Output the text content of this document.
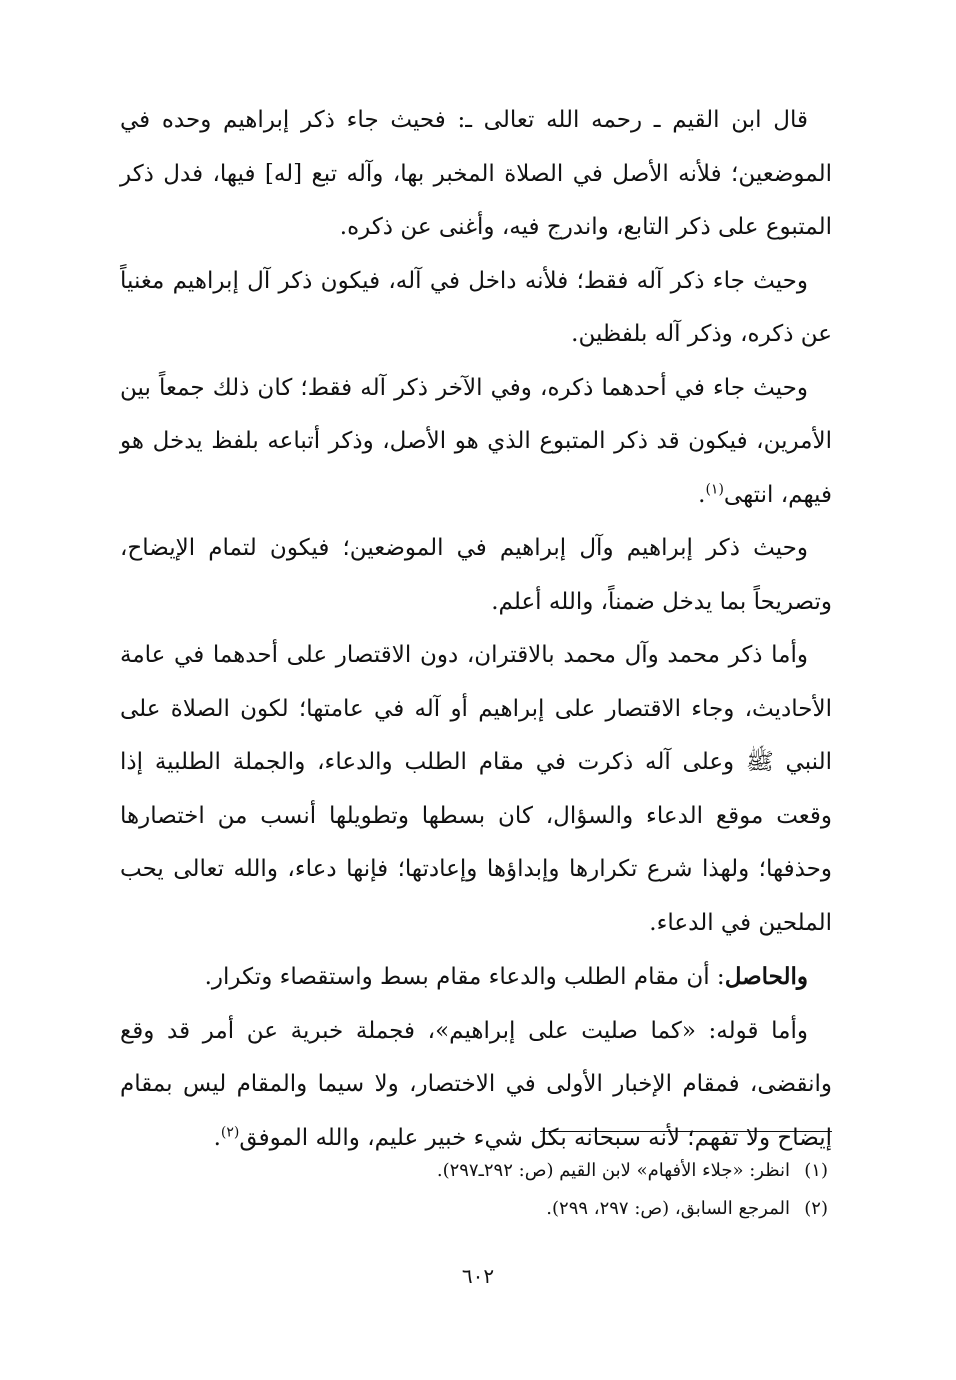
قال ابن القيم ـ رحمه الله تعالى ـ: فحيث جاء ذكر إبراهيم وحده في الموضعين؛ فلأنه الأصل في الصلاة المخبر بها، وآله تبع [له] فيها، فدل ذكر المتبوع على ذكر التابع، واندرج فيه، وأغنى عن ذكره.

وحيث جاء ذكر آله فقط؛ فلأنه داخل في آله، فيكون ذكر آل إبراهيم مغنياً عن ذكره، وذكر آله بلفظين.

وحيث جاء في أحدهما ذكره، وفي الآخر ذكر آله فقط؛ كان ذلك جمعاً بين الأمرين، فيكون قد ذكر المتبوع الذي هو الأصل، وذكر أتباعه بلفظ يدخل هو فيهم، انتهى$^{(١)}$.

وحيث ذكر إبراهيم وآل إبراهيم في الموضعين؛ فيكون لتمام الإيضاح، وتصريحاً بما يدخل ضمناً، والله أعلم.

وأما ذكر محمد وآل محمد بالاقتران، دون الاقتصار على أحدهما في عامة الأحاديث، وجاء الاقتصار على إبراهيم أو آله في عامتها؛ لكون الصلاة على النبي ﷺ وعلى آله ذكرت في مقام الطلب والدعاء، والجملة الطلبية إذا وقعت موقع الدعاء والسؤال، كان بسطها وتطويلها أنسب من اختصارها وحذفها؛ ولهذا شرع تكرارها وإبداؤها وإعادتها؛ فإنها دعاء، والله تعالى يحب الملحين في الدعاء.

والحاصل: أن مقام الطلب والدعاء مقام بسط واستقصاء وتكرار.

وأما قوله: «كما صليت على إبراهيم»، فجملة خبرية عن أمر قد وقع وانقضى، فمقام الإخبار الأولى في الاختصار، ولا سيما والمقام ليس بمقام إيضاح ولا تفهم؛ لأنه سبحانه بكل شيء خبير عليم، والله الموفق$^{(٢)}$.

(١)انظر: «جلاء الأفهام» لابن القيم (ص: ٢٩٢ـ٢٩٧).

(٢)المرجع السابق، (ص: ٢٩٧، ٢٩٩).

٦٠٢
